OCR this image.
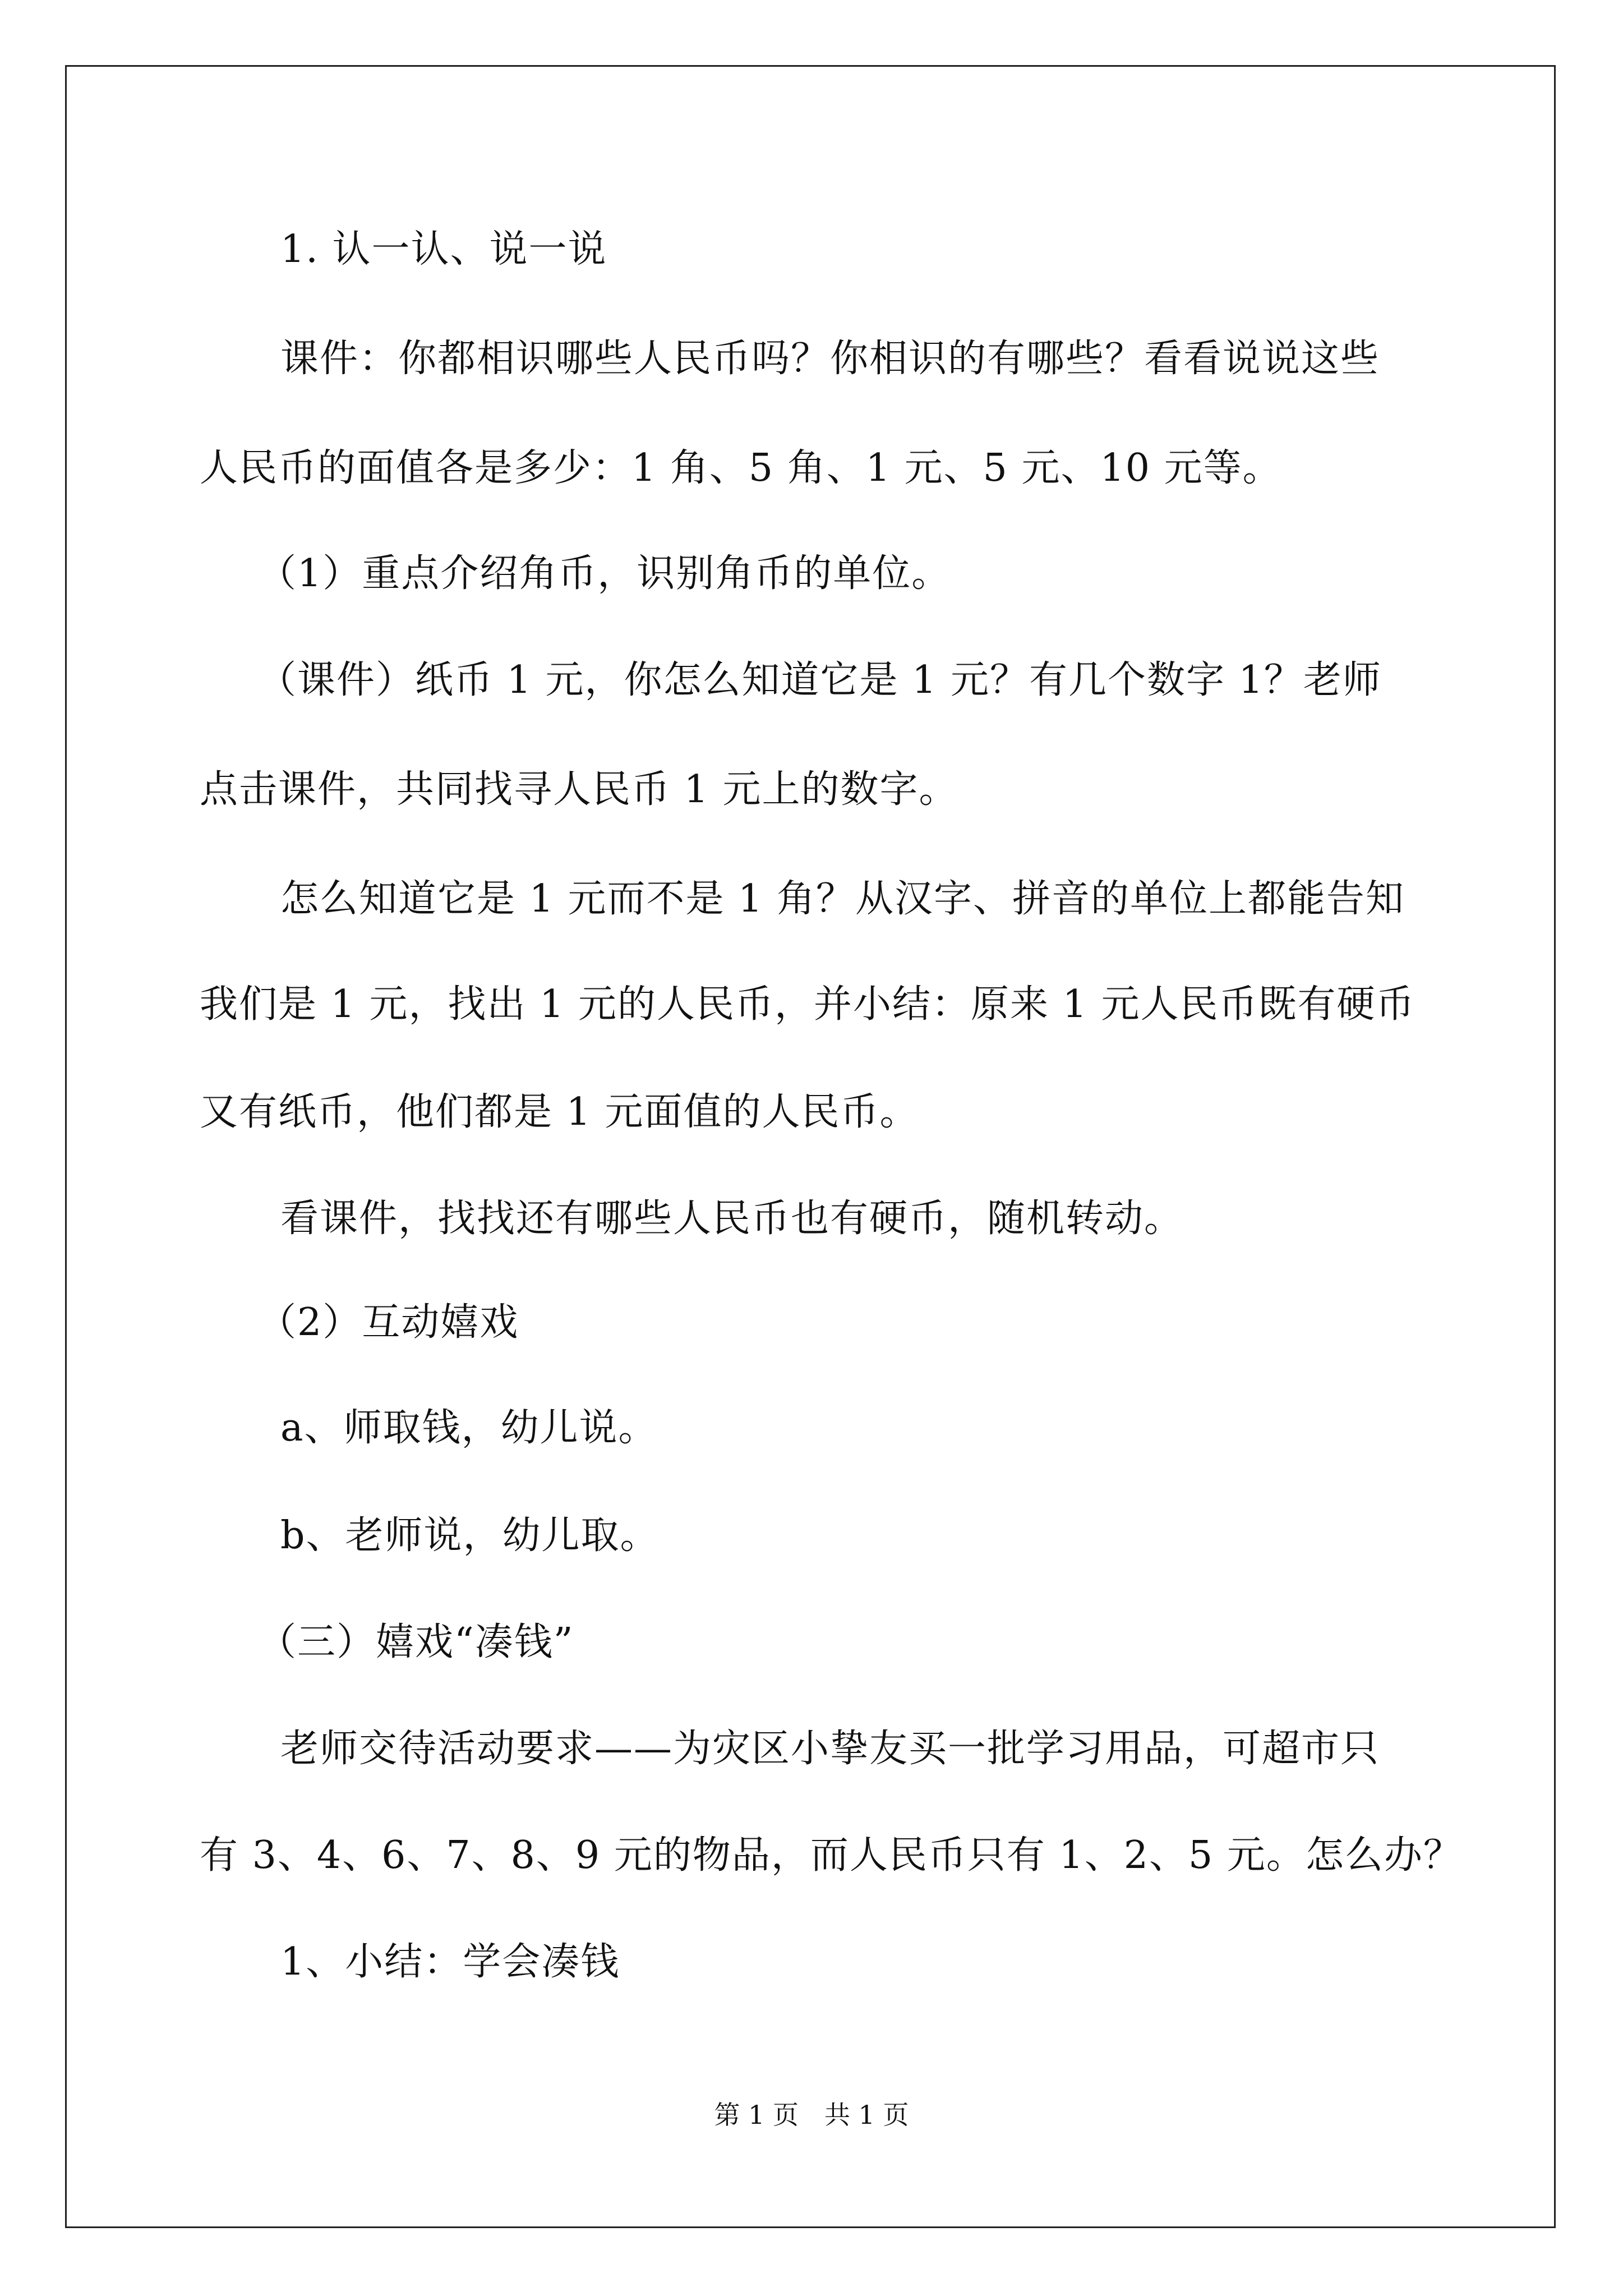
1. 认一认、说一说

课件：你都相识哪些人民币吗？你相识的有哪些？看看说说这些

人民币的面值各是多少：1 角、5 角、1 元、5 元、10 元等。

（1）重点介绍角币，识别角币的单位。

（课件）纸币 1 元，你怎么知道它是 1 元？有几个数字 1？老师

点击课件，共同找寻人民币 1 元上的数字。

怎么知道它是 1 元而不是 1 角？从汉字、拼音的单位上都能告知

我们是 1 元，找出 1 元的人民币，并小结：原来 1 元人民币既有硬币

又有纸币，他们都是 1 元面值的人民币。

看课件，找找还有哪些人民币也有硬币，随机转动。

（2）互动嬉戏

a、师取钱，幼儿说。

b、老师说，幼儿取。

（三）嬉戏“凑钱”

老师交待活动要求——为灾区小挚友买一批学习用品，可超市只

有 3、4、6、7、8、9 元的物品，而人民币只有 1、2、5 元。怎么办？

1、小结：学会凑钱

第 1 页　共 1 页
